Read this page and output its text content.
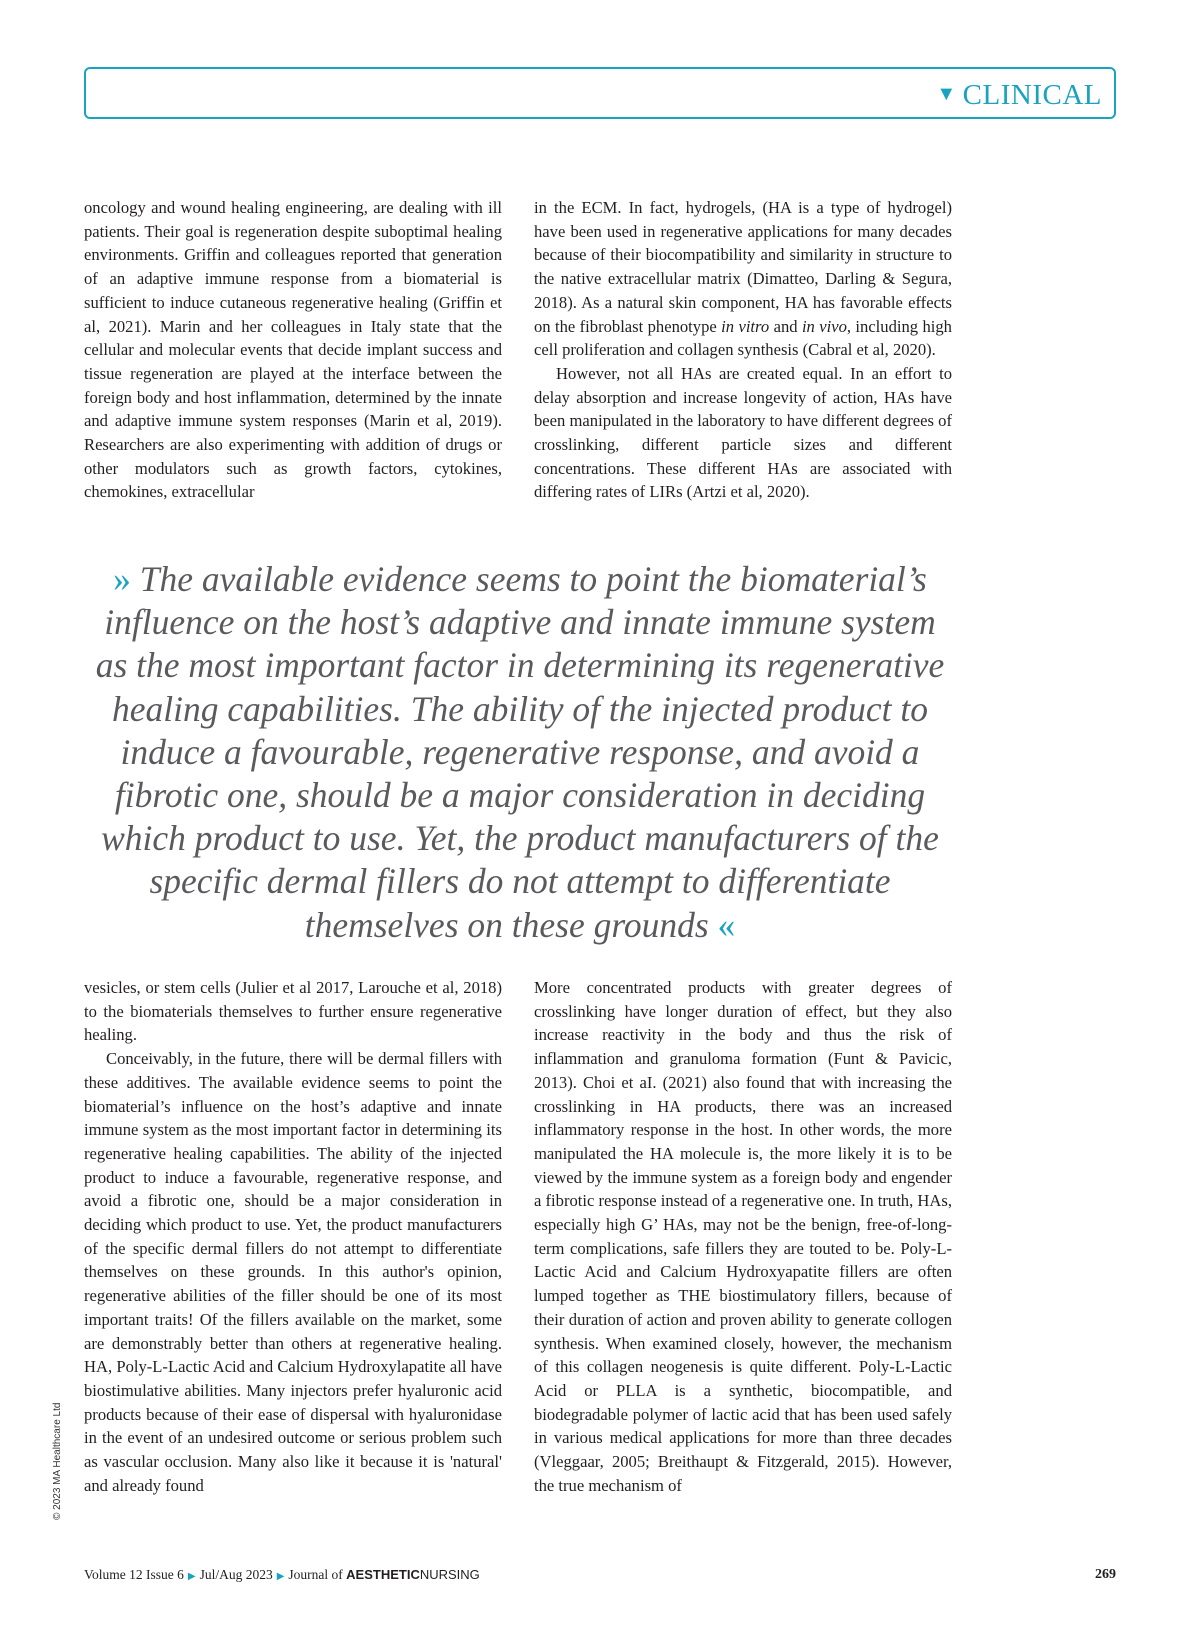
▼ CLINICAL

oncology and wound healing engineering, are dealing with ill patients. Their goal is regeneration despite suboptimal healing environments. Griffin and colleagues reported that generation of an adaptive immune response from a biomaterial is sufficient to induce cutaneous regenerative healing (Griffin et al, 2021). Marin and her colleagues in Italy state that the cellular and molecular events that decide implant success and tissue regeneration are played at the interface between the foreign body and host inflammation, determined by the innate and adaptive immune system responses (Marin et al, 2019). Researchers are also experimenting with addition of drugs or other modulators such as growth factors, cytokines, chemokines, extracellular

in the ECM. In fact, hydrogels, (HA is a type of hydrogel) have been used in regenerative applications for many decades because of their biocompatibility and similarity in structure to the native extracellular matrix (Dimatteo, Darling & Segura, 2018). As a natural skin component, HA has favorable effects on the fibroblast phenotype in vitro and in vivo, including high cell proliferation and collagen synthesis (Cabral et al, 2020).

However, not all HAs are created equal. In an effort to delay absorption and increase longevity of action, HAs have been manipulated in the laboratory to have different degrees of crosslinking, different particle sizes and different concentrations. These different HAs are associated with differing rates of LIRs (Artzi et al, 2020).

» The available evidence seems to point the biomaterial’s influence on the host’s adaptive and innate immune system as the most important factor in determining its regenerative healing capabilities. The ability of the injected product to induce a favourable, regenerative response, and avoid a fibrotic one, should be a major consideration in deciding which product to use. Yet, the product manufacturers of the specific dermal fillers do not attempt to differentiate themselves on these grounds «

vesicles, or stem cells (Julier et al 2017, Larouche et al, 2018) to the biomaterials themselves to further ensure regenerative healing.

Conceivably, in the future, there will be dermal fillers with these additives. The available evidence seems to point the biomaterial’s influence on the host’s adaptive and innate immune system as the most important factor in determining its regenerative healing capabilities. The ability of the injected product to induce a favourable, regenerative response, and avoid a fibrotic one, should be a major consideration in deciding which product to use. Yet, the product manufacturers of the specific dermal fillers do not attempt to differentiate themselves on these grounds. In this author's opinion, regenerative abilities of the filler should be one of its most important traits! Of the fillers available on the market, some are demonstrably better than others at regenerative healing. HA, Poly-L-Lactic Acid and Calcium Hydroxylapatite all have biostimulative abilities. Many injectors prefer hyaluronic acid products because of their ease of dispersal with hyaluronidase in the event of an undesired outcome or serious problem such as vascular occlusion. Many also like it because it is 'natural' and already found

More concentrated products with greater degrees of crosslinking have longer duration of effect, but they also increase reactivity in the body and thus the risk of inflammation and granuloma formation (Funt & Pavicic, 2013). Choi et aI. (2021) also found that with increasing the crosslinking in HA products, there was an increased inflammatory response in the host. In other words, the more manipulated the HA molecule is, the more likely it is to be viewed by the immune system as a foreign body and engender a fibrotic response instead of a regenerative one. In truth, HAs, especially high G’ HAs, may not be the benign, free-of-long-term complications, safe fillers they are touted to be. Poly-L-Lactic Acid and Calcium Hydroxyapatite fillers are often lumped together as THE biostimulatory fillers, because of their duration of action and proven ability to generate collogen synthesis. When examined closely, however, the mechanism of this collagen neogenesis is quite different. Poly-L-Lactic Acid or PLLA is a synthetic, biocompatible, and biodegradable polymer of lactic acid that has been used safely in various medical applications for more than three decades (Vleggaar, 2005; Breithaupt & Fitzgerald, 2015). However, the true mechanism of

© 2023 MA Healthcare Ltd
Volume 12 Issue 6 ▶ Jul/Aug 2023 ▶ Journal of AESTHETICNURSING	269
